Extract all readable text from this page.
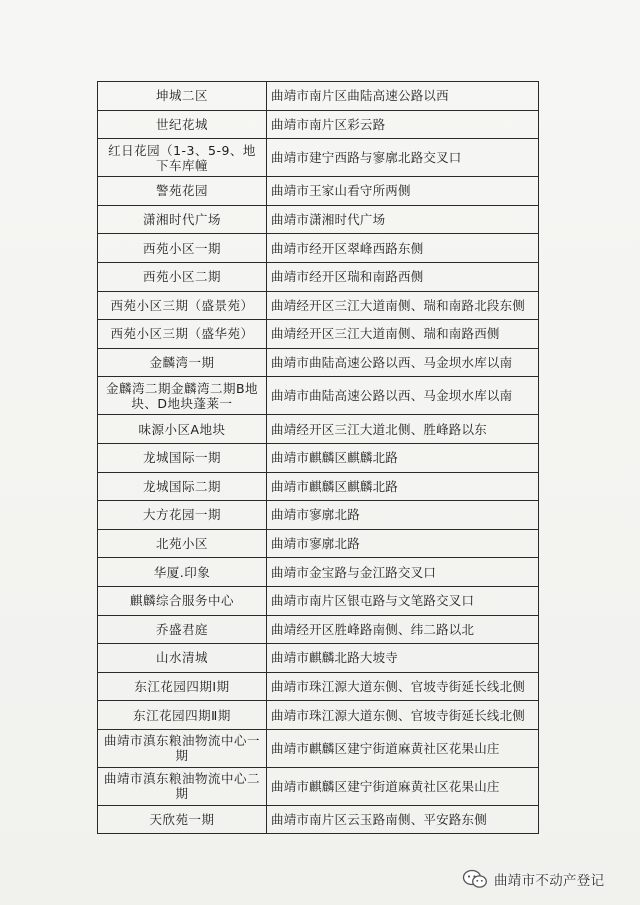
坤城二区	曲靖市南片区曲陆高速公路以西
世纪花城	曲靖市南片区彩云路
红日花园（1-3、5-9、地下车库幢	曲靖市建宁西路与寥廓北路交叉口
警苑花园	曲靖市王家山看守所两侧
潇湘时代广场	曲靖市潇湘时代广场
西苑小区一期	曲靖市经开区翠峰西路东侧
西苑小区二期	曲靖市经开区瑞和南路西侧
西苑小区三期（盛景苑）	曲靖经开区三江大道南侧、瑞和南路北段东侧
西苑小区三期（盛华苑）	曲靖经开区三江大道南侧、瑞和南路西侧
金麟湾一期	曲靖市曲陆高速公路以西、马金坝水库以南
金麟湾二期金麟湾二期B地块、D地块蓬莱一	曲靖市曲陆高速公路以西、马金坝水库以南
味源小区A地块	曲靖经开区三江大道北侧、胜峰路以东
龙城国际一期	曲靖市麒麟区麒麟北路
龙城国际二期	曲靖市麒麟区麒麟北路
大方花园一期	曲靖市寥廓北路
北苑小区	曲靖市寥廓北路
华厦.印象	曲靖市金宝路与金江路交叉口
麒麟综合服务中心	曲靖市南片区银屯路与文笔路交叉口
乔盛君庭	曲靖经开区胜峰路南侧、纬二路以北
山水清城	曲靖市麒麟北路大坡寺
东江花园四期Ⅰ期	曲靖市珠江源大道东侧、官坡寺街延长线北侧
东江花园四期Ⅱ期	曲靖市珠江源大道东侧、官坡寺街延长线北侧
曲靖市滇东粮油物流中心一期	曲靖市麒麟区建宁街道麻黄社区花果山庄
曲靖市滇东粮油物流中心二期	曲靖市麒麟区建宁街道麻黄社区花果山庄
天欣苑一期	曲靖市南片区云玉路南侧、平安路东侧
曲靖市不动产登记
